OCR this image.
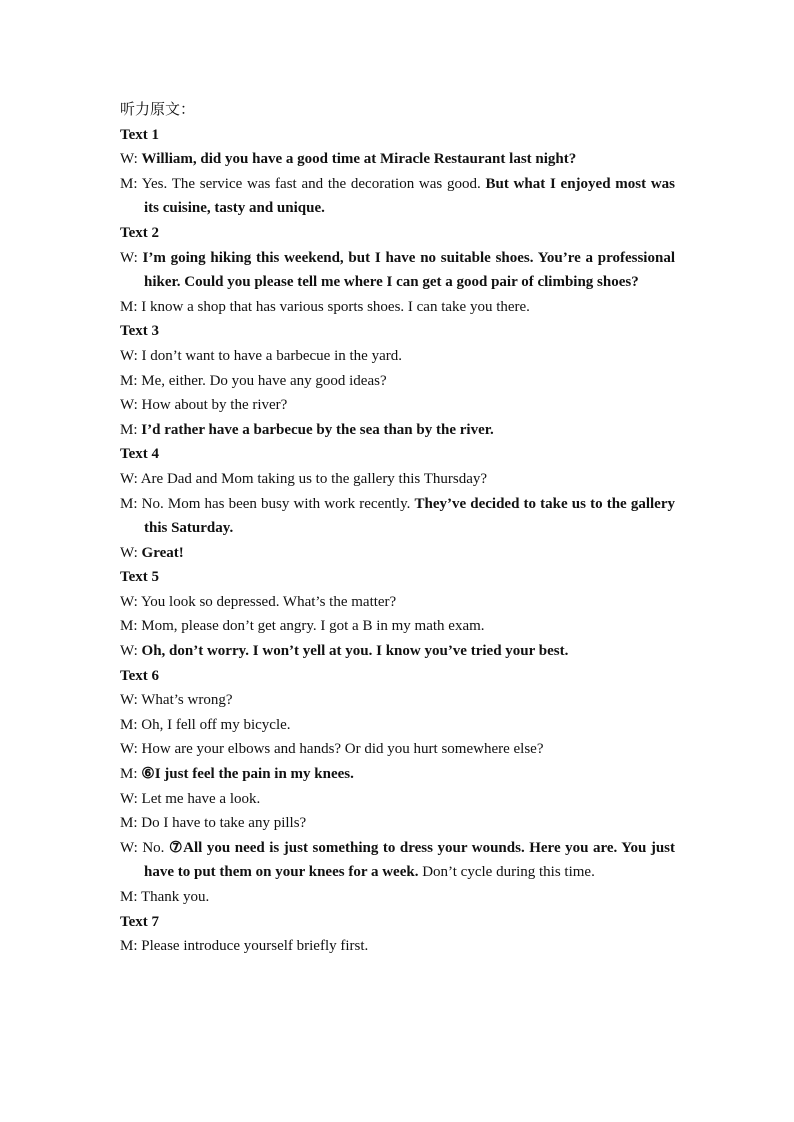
听力原文：
Text 1
W: William, did you have a good time at Miracle Restaurant last night?
M: Yes. The service was fast and the decoration was good. But what I enjoyed most was its cuisine, tasty and unique.
Text 2
W: I’m going hiking this weekend, but I have no suitable shoes. You’re a professional hiker. Could you please tell me where I can get a good pair of climbing shoes?
M: I know a shop that has various sports shoes. I can take you there.
Text 3
W: I don’t want to have a barbecue in the yard.
M: Me, either. Do you have any good ideas?
W: How about by the river?
M: I’d rather have a barbecue by the sea than by the river.
Text 4
W: Are Dad and Mom taking us to the gallery this Thursday?
M: No. Mom has been busy with work recently. They’ve decided to take us to the gallery this Saturday.
W: Great!
Text 5
W: You look so depressed. What’s the matter?
M: Mom, please don’t get angry. I got a B in my math exam.
W: Oh, don’t worry. I won’t yell at you. I know you’ve tried your best.
Text 6
W: What’s wrong?
M: Oh, I fell off my bicycle.
W: How are your elbows and hands? Or did you hurt somewhere else?
M: ⑥I just feel the pain in my knees.
W: Let me have a look.
M: Do I have to take any pills?
W: No. ⑦All you need is just something to dress your wounds. Here you are. You just have to put them on your knees for a week. Don’t cycle during this time.
M: Thank you.
Text 7
M: Please introduce yourself briefly first.
